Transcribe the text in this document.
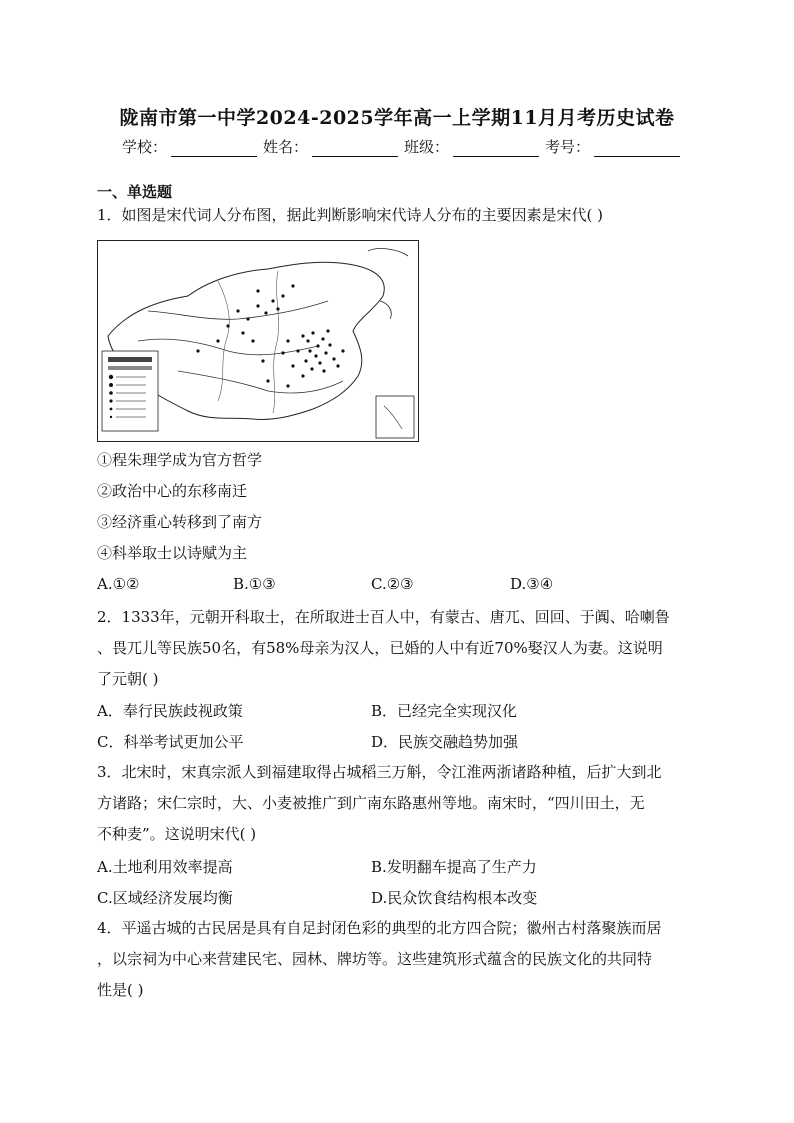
陇南市第一中学2024-2025学年高一上学期11月月考历史试卷
学校：	姓名：	班级：	考号：
一、单选题
1．如图是宋代词人分布图，据此判断影响宋代诗人分布的主要因素是宋代( )
①程朱理学成为官方哲学
②政治中心的东移南迁
③经济重心转移到了南方
④科举取士以诗赋为主
A.①②	B.①③	C.②③	D.③④
2．1333年，元朝开科取士，在所取进士百人中，有蒙古、唐兀、回回、于阗、哈喇鲁
、畏兀儿等民族50名，有58%母亲为汉人，已婚的人中有近70%娶汉人为妻。这说明
了元朝( )
A．奉行民族歧视政策	B．已经完全实现汉化
C．科举考试更加公平	D．民族交融趋势加强
3．北宋时，宋真宗派人到福建取得占城稻三万斛，令江淮两浙诸路种植，后扩大到北
方诸路；宋仁宗时，大、小麦被推广到广南东路惠州等地。南宋时，“四川田土，无
不种麦”。这说明宋代( )
A.土地利用效率提高	B.发明翻车提高了生产力
C.区域经济发展均衡	D.民众饮食结构根本改变
4．平遥古城的古民居是具有自足封闭色彩的典型的北方四合院；徽州古村落聚族而居
，以宗祠为中心来营建民宅、园林、牌坊等。这些建筑形式蕴含的民族文化的共同特
性是( )
